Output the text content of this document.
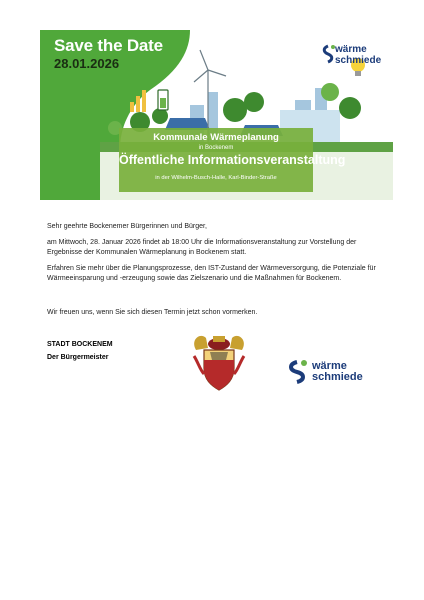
Save the Date
28.01.2026
wärme
schmiede
Kommunale Wärmeplanung
in Bockenem
Öffentliche Informationsveranstaltung
in der Wilhelm-Busch-Halle, Karl-Binder-Straße
Sehr geehrte Bockenemer Bürgerinnen und Bürger,
am Mittwoch, 28. Januar 2026 findet ab 18:00 Uhr die Informationsveranstaltung zur Vorstellung der Ergebnisse der Kommunalen Wärmeplanung in Bockenem statt.
Erfahren Sie mehr über die Planungsprozesse, den IST-Zustand der Wärmeversorgung, die Potenziale für Wärmeeinsparung und -erzeugung sowie das Zielszenario und die Maßnahmen für Bockenem.
Wir freuen uns, wenn Sie sich diesen Termin jetzt schon vormerken.
STADT BOCKENEM
Der Bürgermeister
wärme
schmiede
